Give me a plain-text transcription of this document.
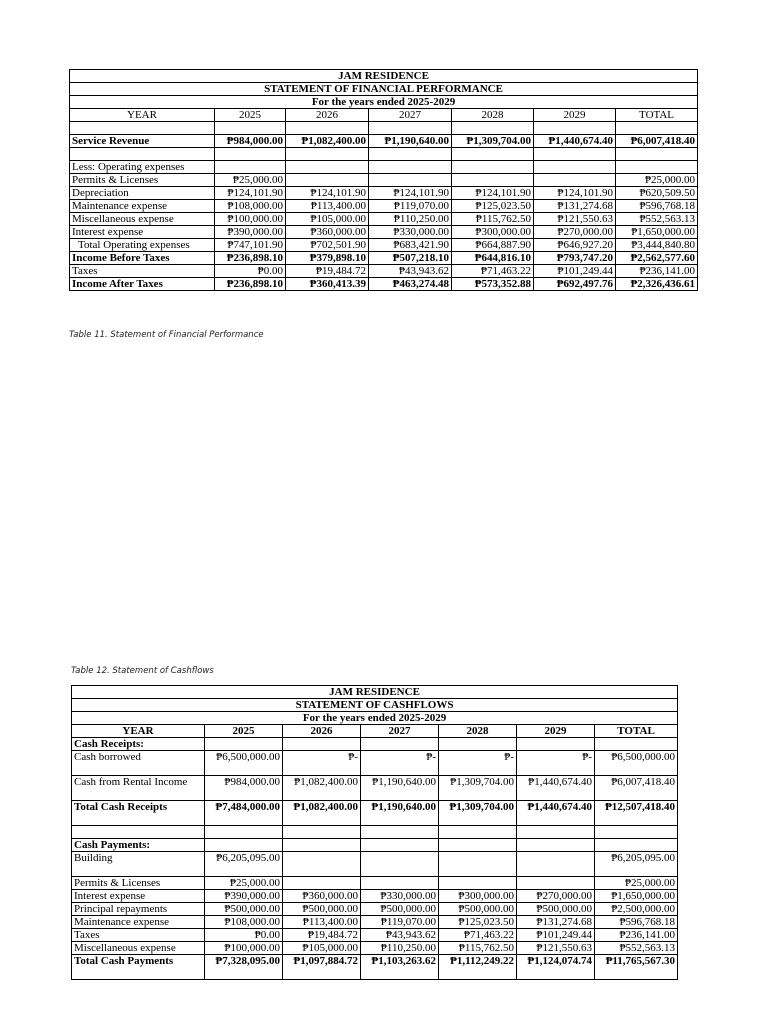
JAM RESIDENCE						
STATEMENT OF FINANCIAL PERFORMANCE						
For the years ended 2025-2029						
YEAR	2025	2026	2027	2028	2029	TOTAL

Service Revenue	₱984,000.00	₱1,082,400.00	₱1,190,640.00	₱1,309,704.00	₱1,440,674.40	₱6,007,418.40

Less: Operating expenses						
Permits & Licenses	₱25,000.00					₱25,000.00
Depreciation	₱124,101.90	₱124,101.90	₱124,101.90	₱124,101.90	₱124,101.90	₱620,509.50
Maintenance expense	₱108,000.00	₱113,400.00	₱119,070.00	₱125,023.50	₱131,274.68	₱596,768.18
Miscellaneous expense	₱100,000.00	₱105,000.00	₱110,250.00	₱115,762.50	₱121,550.63	₱552,563.13
Interest expense	₱390,000.00	₱360,000.00	₱330,000.00	₱300,000.00	₱270,000.00	₱1,650,000.00
Total Operating expenses	₱747,101.90	₱702,501.90	₱683,421.90	₱664,887.90	₱646,927.20	₱3,444,840.80
Income Before Taxes	₱236,898.10	₱379,898.10	₱507,218.10	₱644,816.10	₱793,747.20	₱2,562,577.60
Taxes	₱0.00	₱19,484.72	₱43,943.62	₱71,463.22	₱101,249.44	₱236,141.00
Income After Taxes	₱236,898.10	₱360,413.39	₱463,274.48	₱573,352.88	₱692,497.76	₱2,326,436.61
Table 11. Statement of Financial Performance
Table 12. Statement of Cashflows
JAM RESIDENCE						
STATEMENT OF CASHFLOWS						
For the years ended 2025-2029						
YEAR	2025	2026	2027	2028	2029	TOTAL
Cash Receipts:						
Cash borrowed	₱6,500,000.00	₱-	₱-	₱-	₱-	₱6,500,000.00
Cash from Rental Income	₱984,000.00	₱1,082,400.00	₱1,190,640.00	₱1,309,704.00	₱1,440,674.40	₱6,007,418.40
Total Cash Receipts	₱7,484,000.00	₱1,082,400.00	₱1,190,640.00	₱1,309,704.00	₱1,440,674.40	₱12,507,418.40

Cash Payments:						
Building	₱6,205,095.00					₱6,205,095.00
Permits & Licenses	₱25,000.00					₱25,000.00
Interest expense	₱390,000.00	₱360,000.00	₱330,000.00	₱300,000.00	₱270,000.00	₱1,650,000.00
Principal repayments	₱500,000.00	₱500,000.00	₱500,000.00	₱500,000.00	₱500,000.00	₱2,500,000.00
Maintenance expense	₱108,000.00	₱113,400.00	₱119,070.00	₱125,023.50	₱131,274.68	₱596,768.18
Taxes	₱0.00	₱19,484.72	₱43,943.62	₱71,463.22	₱101,249.44	₱236,141.00
Miscellaneous expense	₱100,000.00	₱105,000.00	₱110,250.00	₱115,762.50	₱121,550.63	₱552,563.13
Total Cash Payments	₱7,328,095.00	₱1,097,884.72	₱1,103,263.62	₱1,112,249.22	₱1,124,074.74	₱11,765,567.30
